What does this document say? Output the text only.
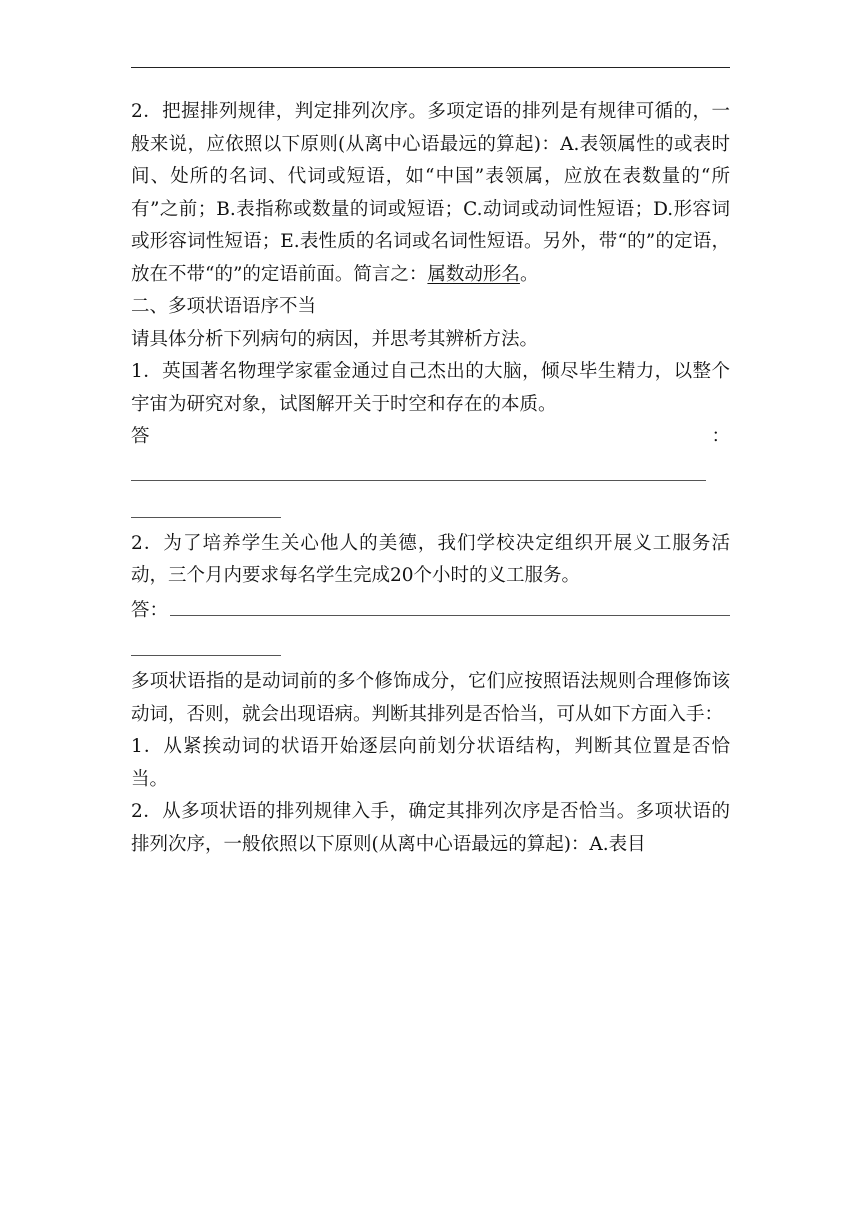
2．把握排列规律，判定排列次序。多项定语的排列是有规律可循的，一般来说，应依照以下原则(从离中心语最远的算起)：A.表领属性的或表时间、处所的名词、代词或短语，如“中国”表领属，应放在表数量的“所有”之前；B.表指称或数量的词或短语；C.动词或动词性短语；D.形容词或形容词性短语；E.表性质的名词或名词性短语。另外，带“的”的定语，放在不带“的”的定语前面。简言之：属数动形名。

二、多项状语语序不当

请具体分析下列病句的病因，并思考其辨析方法。

1．英国著名物理学家霍金通过自己杰出的大脑，倾尽毕生精力，以整个宇宙为研究对象，试图解开关于时空和存在的本质。

答	：

2．为了培养学生关心他人的美德，我们学校决定组织开展义工服务活动，三个月内要求每名学生完成20个小时的义工服务。

答：

多项状语指的是动词前的多个修饰成分，它们应按照语法规则合理修饰该动词，否则，就会出现语病。判断其排列是否恰当，可从如下方面入手：

1．从紧挨动词的状语开始逐层向前划分状语结构，判断其位置是否恰当。

2．从多项状语的排列规律入手，确定其排列次序是否恰当。多项状语的排列次序，一般依照以下原则(从离中心语最远的算起)：A.表目
